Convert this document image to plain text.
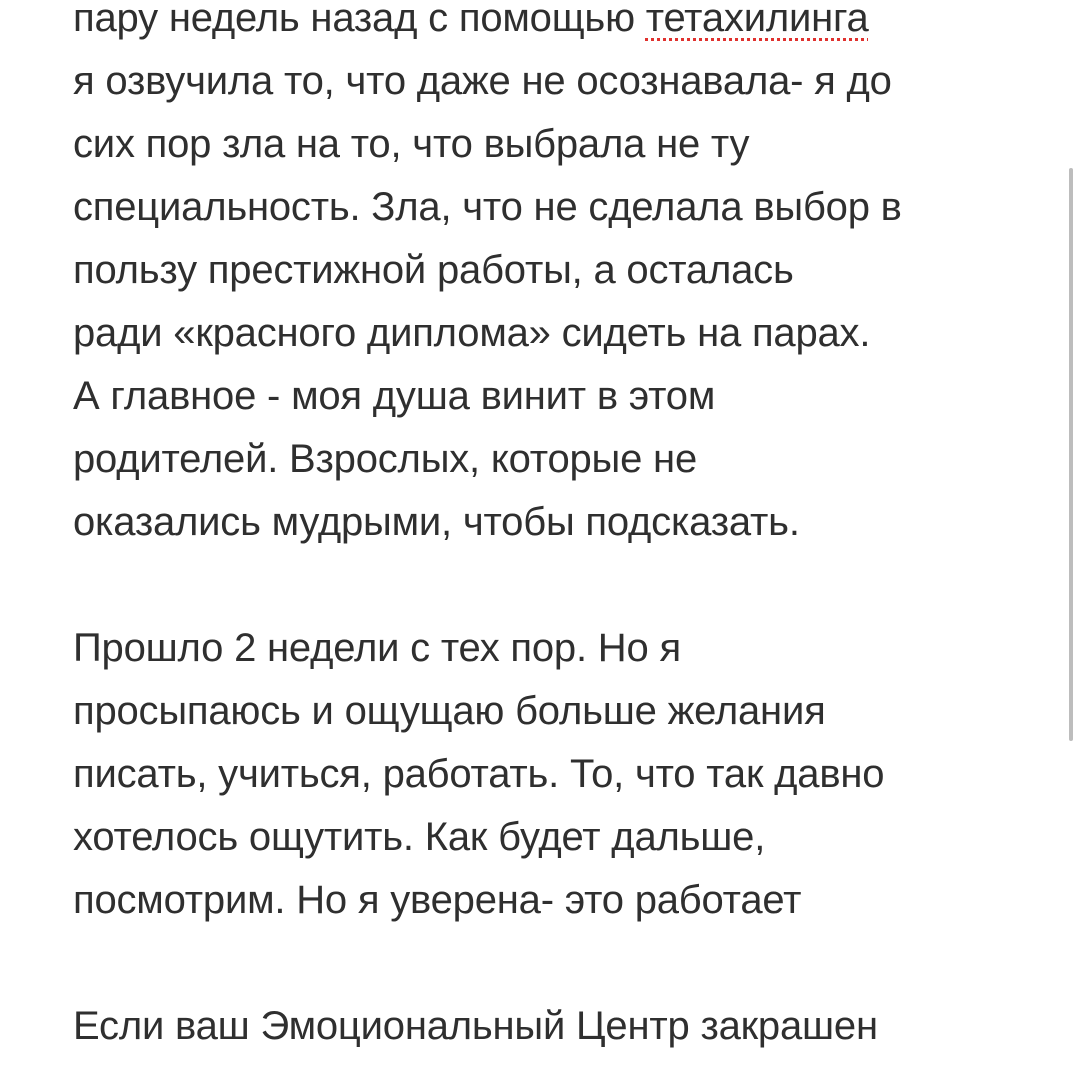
пару недель назад с помощью тетахилинга
я озвучила то, что даже не осознавала- я до
сих пор зла на то, что выбрала не ту
специальность. Зла, что не сделала выбор в
пользу престижной работы, а осталась
ради «красного диплома» сидеть на парах.
А главное - моя душа винит в этом
родителей. Взрослых, которые не
оказались мудрыми, чтобы подсказать.
Прошло 2 недели с тех пор. Но я
просыпаюсь и ощущаю больше желания
писать, учиться, работать. То, что так давно
хотелось ощутить. Как будет дальше,
посмотрим. Но я уверена- это работает
Если ваш Эмоциональный Центр закрашен
